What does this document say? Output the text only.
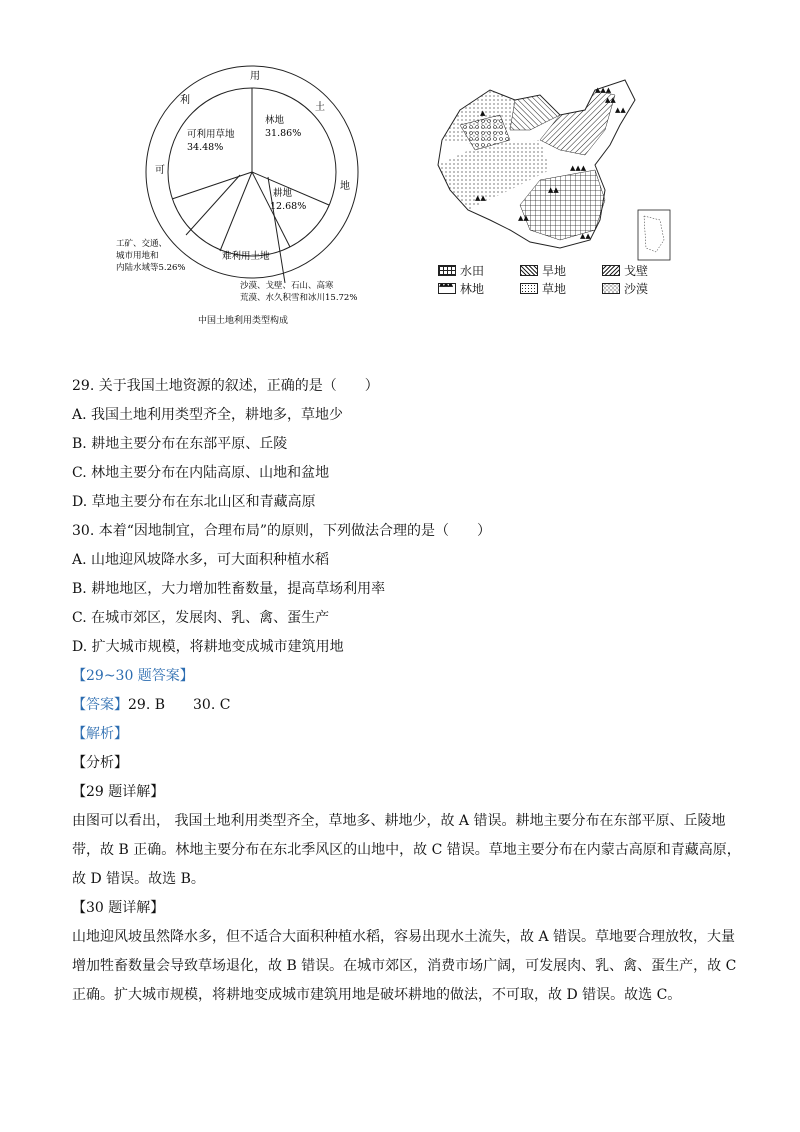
可
利
用
土
地
可利用草地
34.48%
林地
31.86%
耕地
12.68%
难利用土地
工矿、交通、
城市用地和
内陆水域等5.26%
沙漠、戈壁、石山、高寒
荒漠、水久积雪和冰川15.72%
中国土地利用类型构成
▲▲▲
▲▲
▲▲
▲
▲▲
▲▲
▲▲▲
▲▲
▲▲
水田	旱地	戈壁
▲▲▲
林地	草地	沙漠

29. 关于我国土地资源的叙述，正确的是（　　）

A. 我国土地利用类型齐全，耕地多，草地少

B. 耕地主要分布在东部平原、丘陵

C. 林地主要分布在内陆高原、山地和盆地

D. 草地主要分布在东北山区和青藏高原

30. 本着“因地制宜，合理布局”的原则，下列做法合理的是（　　）

A. 山地迎风坡降水多，可大面积种植水稻

B. 耕地地区，大力增加牲畜数量，提高草场利用率

C. 在城市郊区，发展肉、乳、禽、蛋生产

D. 扩大城市规模，将耕地变成城市建筑用地

【29~30 题答案】

【答案】29. B　　30. C

【解析】

【分析】

【29 题详解】

由图可以看出， 我国土地利用类型齐全，草地多、耕地少，故 A 错误。耕地主要分布在东部平原、丘陵地带，故 B 正确。林地主要分布在东北季风区的山地中，故 C 错误。草地主要分布在内蒙古高原和青藏高原，故 D 错误。故选 B。

【30 题详解】

山地迎风坡虽然降水多，但不适合大面积种植水稻，容易出现水土流失，故 A 错误。草地要合理放牧，大量增加牲畜数量会导致草场退化，故 B 错误。在城市郊区，消费市场广阔，可发展肉、乳、禽、蛋生产，故 C 正确。扩大城市规模，将耕地变成城市建筑用地是破坏耕地的做法，不可取，故 D 错误。故选 C。
